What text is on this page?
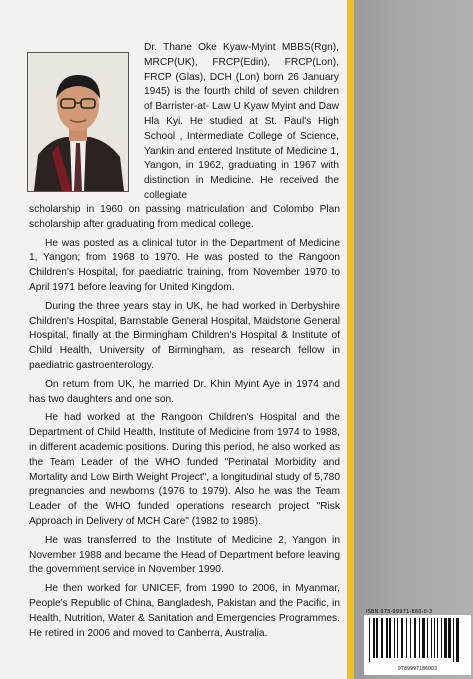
Dr. Thane Oke Kyaw-Myint MBBS(Rgn), MRCP(UK), FRCP(Edin), FRCP(Lon), FRCP (Glas), DCH (Lon) born 26 January 1945) is the fourth child of seven children of Barrister-at- Law U Kyaw Myint and Daw Hla Kyi. He studied at St. Paul's High School , Intermediate College of Science, Yankin and entered Institute of Medicine 1, Yangon, in 1962, graduating in 1967 with distinction in Medicine. He received the collegiate

scholarship in 1960 on passing matriculation and Colombo Plan scholarship after graduating from medical college.

He was posted as a clinical tutor in the Department of Medicine 1, Yangon; from 1968 to 1970. He was posted to the Rangoon Children's Hospital, for paediatric training, from November 1970 to April 1971 before leaving for United Kingdom.

During the three years stay in UK, he had worked in Derbyshire Children's Hospital, Barnstable General Hospital, Maidstone General Hospital, finally at the Birmingham Children's Hospital & Institute of Child Health, University of Birmingham, as research fellow in paediatric gastroenterology.

On return from UK, he married Dr. Khin Myint Aye in 1974 and has two daughters and one son.

He had worked at the Rangoon Children's Hospital and the Department of Child Health, Institute of Medicine from 1974 to 1988, in different academic positions. During this period, he also worked as the Team Leader of the WHO funded "Perinatal Morbidity and Mortality and Low Birth Weight Project", a longitudinal study of 5,780 pregnancies and newborns (1976 to 1979). Also he was the Team Leader of the WHO funded operations research project "Risk Approach in Delivery of MCH Care" (1982 to 1985).

He was transferred to the Institute of Medicine 2, Yangon in November 1988 and became the Head of Department before leaving the government service in November 1990.

He then worked for UNICEF, from 1990 to 2006, in Myanmar, People's Republic of China, Bangladesh, Pakistan and the Pacific, in Health, Nutrition, Water & Sanitation and Emergencies Programmes. He retired in 2006 and moved to Canberra, Australia.

ISBN 978-99971-860-0-3
9789997186003
